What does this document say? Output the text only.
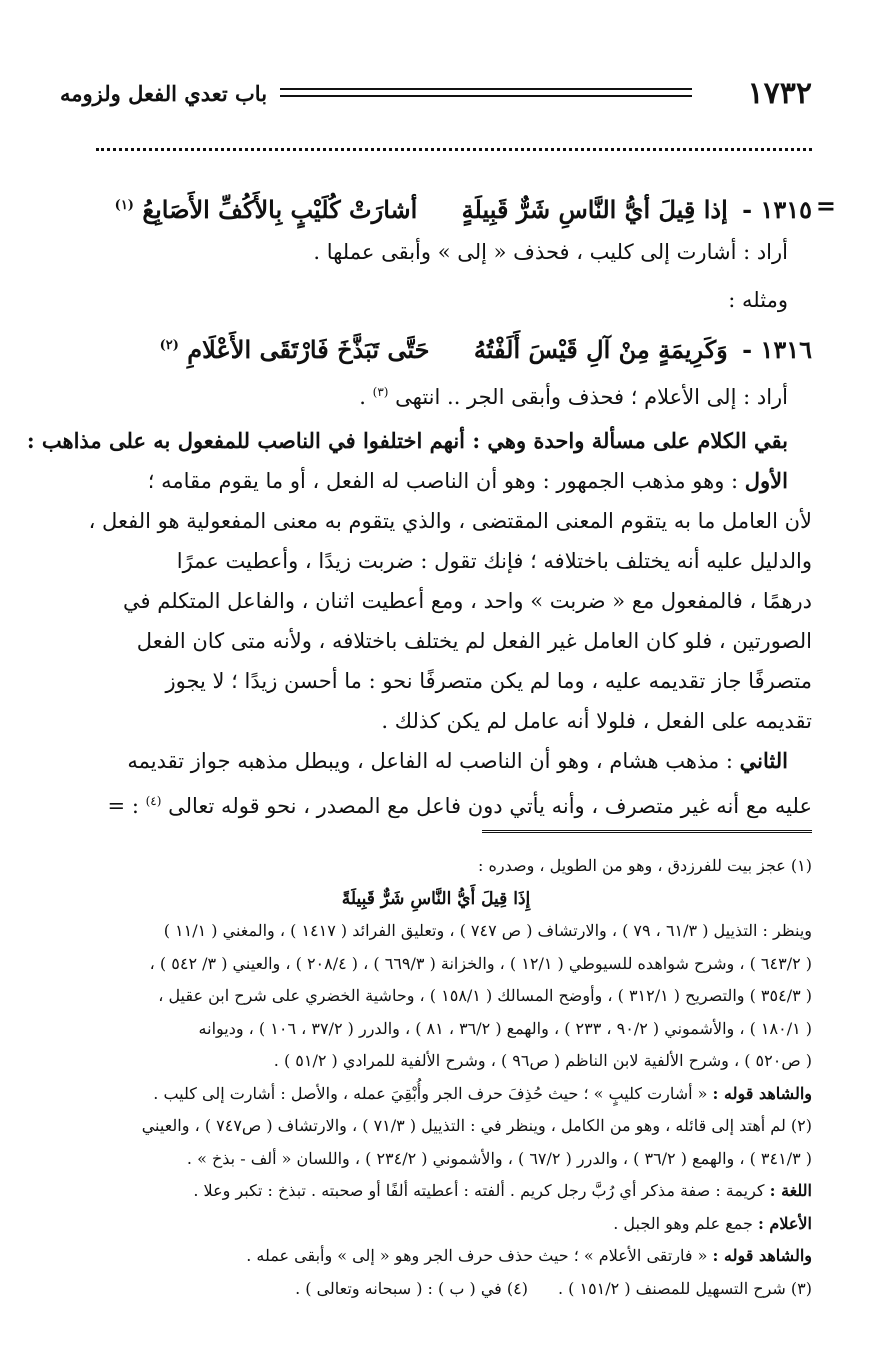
١٧٣٢
باب تعدي الفعل ولزومه
=
١٣١٥ - إذا قِيلَ أيُّ النَّاسِ شَرٌّ قَبِيلَةٍ أشارَتْ كُلَيْبٍ بِالأَكُفِّ الأَصَابِعُ $^{(١)}$
أراد : أشارت إلى كليب ، فحذف « إلى » وأبقى عملها .
ومثله :
١٣١٦ - وَكَرِيمَةٍ مِنْ آلِ قَيْسَ أَلَفْتُهُ حَتَّى تَبَذَّخَ فَارْتَقَى الأَعْلَامِ $^{(٢)}$
أراد : إلى الأعلام ؛ فحذف وأبقى الجر .. انتهى $^{(٣)}$ .
بقي الكلام على مسألة واحدة وهي : أنهم اختلفوا في الناصب للمفعول به على مذاهب :
الأول : وهو مذهب الجمهور : وهو أن الناصب له الفعل ، أو ما يقوم مقامه ؛
لأن العامل ما به يتقوم المعنى المقتضى ، والذي يتقوم به معنى المفعولية هو الفعل ،
والدليل عليه أنه يختلف باختلافه ؛ فإنك تقول : ضربت زيدًا ، وأعطيت عمرًا
درهمًا ، فالمفعول مع « ضربت » واحد ، ومع أعطيت اثنان ، والفاعل المتكلم في
الصورتين ، فلو كان العامل غير الفعل لم يختلف باختلافه ، ولأنه متى كان الفعل
متصرفًا جاز تقديمه عليه ، وما لم يكن متصرفًا نحو : ما أحسن زيدًا ؛ لا يجوز
تقديمه على الفعل ، فلولا أنه عامل لم يكن كذلك .
الثاني : مذهب هشام ، وهو أن الناصب له الفاعل ، ويبطل مذهبه جواز تقديمه
عليه مع أنه غير متصرف ، وأنه يأتي دون فاعل مع المصدر ، نحو قوله تعالى $^{(٤)}$ : =
(١) عجز بيت للفرزدق ، وهو من الطويل ، وصدره :
إِذَا قِيلَ أَيُّ النَّاسِ شَرٌّ قَبِيلَةً
وينظر : التذييل ( ٦١/٣ ، ٧٩ ) ، والارتشاف ( ص ٧٤٧ ) ، وتعليق الفرائد ( ١٤١٧ ) ، والمغني ( ١١/١ )
( ٦٤٣/٢ ) ، وشرح شواهده للسيوطي ( ١٢/١ ) ، والخزانة ( ٦٦٩/٣ ) ، ( ٢٠٨/٤ ) ، والعيني ( ٣/ ٥٤٢ ) ،
( ٣٥٤/٣ ) والتصريح ( ٣١٢/١ ) ، وأوضح المسالك ( ١٥٨/١ ) ، وحاشية الخضري على شرح ابن عقيل ،
( ١٨٠/١ ) ، والأشموني ( ٩٠/٢ ، ٢٣٣ ) ، والهمع ( ٣٦/٢ ، ٨١ ) ، والدرر ( ٣٧/٢ ، ١٠٦ ) ، وديوانه
( ص٥٢٠ ) ، وشرح الألفية لابن الناظم ( ص٩٦ ) ، وشرح الألفية للمرادي ( ٥١/٢ ) .
والشاهد قوله : « أشارت كليبٍ » ؛ حيث حُذِفَ حرف الجر وأُبْقِيَ عمله ، والأصل : أشارت إلى كليب .
(٢) لم أهتد إلى قائله ، وهو من الكامل ، وينظر في : التذييل ( ٧١/٣ ) ، والارتشاف ( ص٧٤٧ ) ، والعيني
( ٣٤١/٣ ) ، والهمع ( ٣٦/٢ ) ، والدرر ( ٦٧/٢ ) ، والأشموني ( ٢٣٤/٢ ) ، واللسان « ألف - بذخ » .
اللغة : كريمة : صفة مذكر أي رُبَّ رجل كريم . ألفته : أعطيته ألفًا أو صحبته . تبذخ : تكبر وعلا .
الأعلام : جمع علم وهو الجبل .
والشاهد قوله : « فارتقى الأعلام » ؛ حيث حذف حرف الجر وهو « إلى » وأبقى عمله .
(٣) شرح التسهيل للمصنف ( ١٥١/٢ ) .
(٤) في ( ب ) : ( سبحانه وتعالى ) .
